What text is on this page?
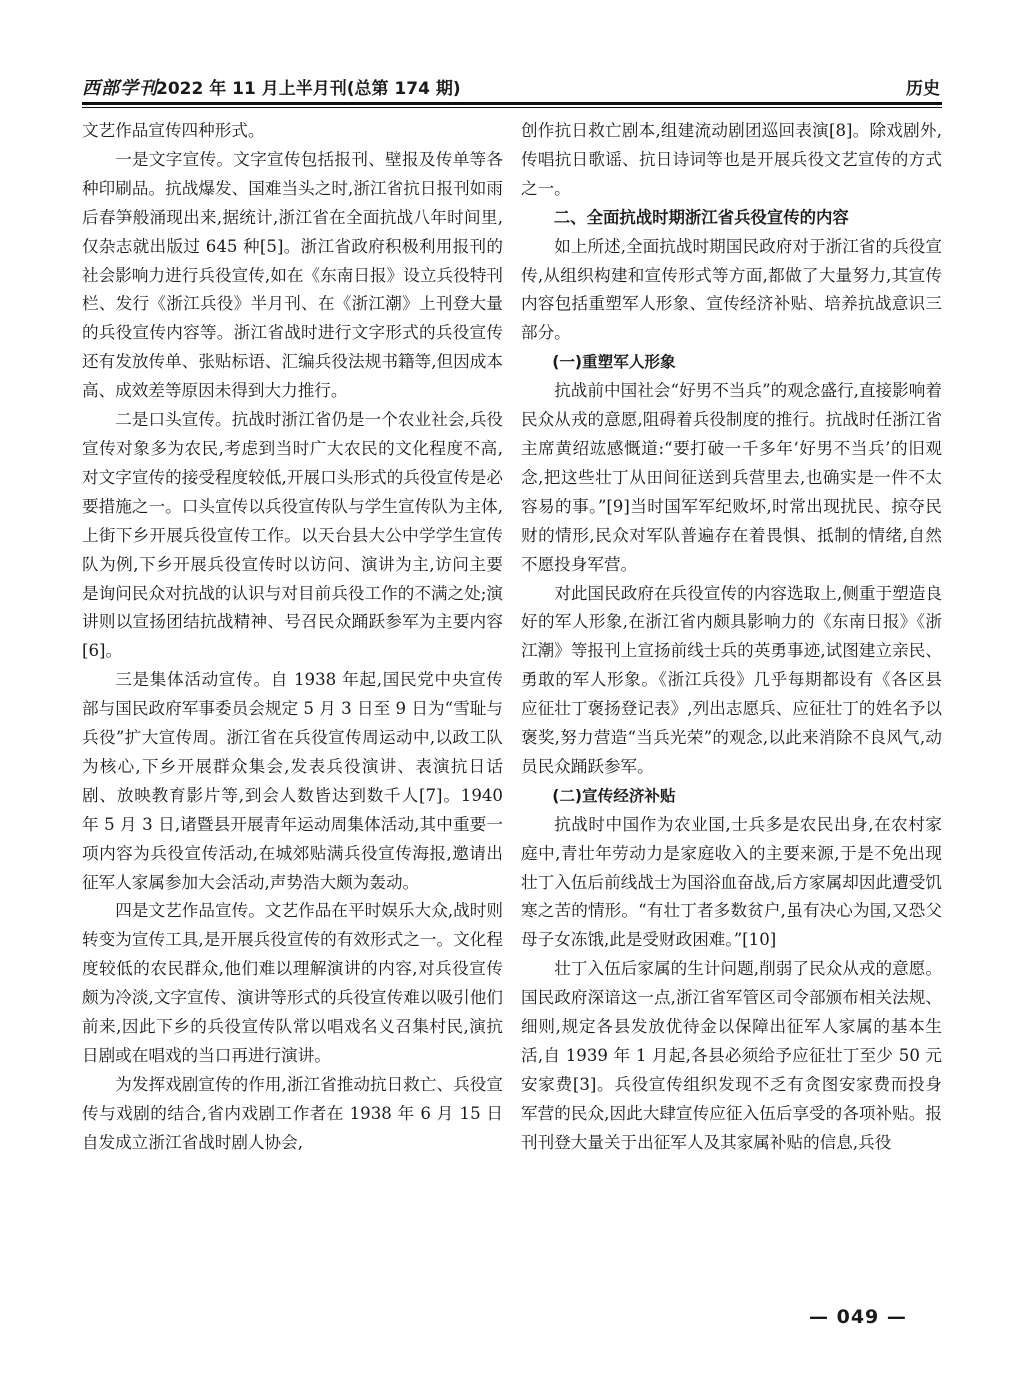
西部学刊
2022 年 11 月上半月刊(总第 174 期)	历史

文艺作品宣传四种形式。

一是文字宣传。文字宣传包括报刊、壁报及传单等各种印刷品。抗战爆发、国难当头之时,浙江省抗日报刊如雨后春笋般涌现出来,据统计,浙江省在全面抗战八年时间里,仅杂志就出版过 645 种[5]。浙江省政府积极利用报刊的社会影响力进行兵役宣传,如在《东南日报》设立兵役特刊栏、发行《浙江兵役》半月刊、在《浙江潮》上刊登大量的兵役宣传内容等。浙江省战时进行文字形式的兵役宣传还有发放传单、张贴标语、汇编兵役法规书籍等,但因成本高、成效差等原因未得到大力推行。

二是口头宣传。抗战时浙江省仍是一个农业社会,兵役宣传对象多为农民,考虑到当时广大农民的文化程度不高,对文字宣传的接受程度较低,开展口头形式的兵役宣传是必要措施之一。口头宣传以兵役宣传队与学生宣传队为主体,上街下乡开展兵役宣传工作。以天台县大公中学学生宣传队为例,下乡开展兵役宣传时以访问、演讲为主,访问主要是询问民众对抗战的认识与对目前兵役工作的不满之处;演讲则以宣扬团结抗战精神、号召民众踊跃参军为主要内容[6]。

三是集体活动宣传。自 1938 年起,国民党中央宣传部与国民政府军事委员会规定 5 月 3 日至 9 日为“雪耻与兵役”扩大宣传周。浙江省在兵役宣传周运动中,以政工队为核心,下乡开展群众集会,发表兵役演讲、表演抗日话剧、放映教育影片等,到会人数皆达到数千人[7]。1940 年 5 月 3 日,诸暨县开展青年运动周集体活动,其中重要一项内容为兵役宣传活动,在城郊贴满兵役宣传海报,邀请出征军人家属参加大会活动,声势浩大颇为轰动。

四是文艺作品宣传。文艺作品在平时娱乐大众,战时则转变为宣传工具,是开展兵役宣传的有效形式之一。文化程度较低的农民群众,他们难以理解演讲的内容,对兵役宣传颇为冷淡,文字宣传、演讲等形式的兵役宣传难以吸引他们前来,因此下乡的兵役宣传队常以唱戏名义召集村民,演抗日剧或在唱戏的当口再进行演讲。

为发挥戏剧宣传的作用,浙江省推动抗日救亡、兵役宣传与戏剧的结合,省内戏剧工作者在 1938 年 6 月 15 日自发成立浙江省战时剧人协会,

创作抗日救亡剧本,组建流动剧团巡回表演[8]。除戏剧外,传唱抗日歌谣、抗日诗词等也是开展兵役文艺宣传的方式之一。

二、全面抗战时期浙江省兵役宣传的内容

如上所述,全面抗战时期国民政府对于浙江省的兵役宣传,从组织构建和宣传形式等方面,都做了大量努力,其宣传内容包括重塑军人形象、宣传经济补贴、培养抗战意识三部分。

(一)重塑军人形象

抗战前中国社会“好男不当兵”的观念盛行,直接影响着民众从戎的意愿,阻碍着兵役制度的推行。抗战时任浙江省主席黄绍竑感慨道:“要打破一千多年‘好男不当兵’的旧观念,把这些壮丁从田间征送到兵营里去,也确实是一件不太容易的事。”[9]当时国军军纪败坏,时常出现扰民、掠夺民财的情形,民众对军队普遍存在着畏惧、抵制的情绪,自然不愿投身军营。

对此国民政府在兵役宣传的内容选取上,侧重于塑造良好的军人形象,在浙江省内颇具影响力的《东南日报》《浙江潮》等报刊上宣扬前线士兵的英勇事迹,试图建立亲民、勇敢的军人形象。《浙江兵役》几乎每期都设有《各区县应征壮丁褒扬登记表》,列出志愿兵、应征壮丁的姓名予以褒奖,努力营造“当兵光荣”的观念,以此来消除不良风气,动员民众踊跃参军。

(二)宣传经济补贴

抗战时中国作为农业国,士兵多是农民出身,在农村家庭中,青壮年劳动力是家庭收入的主要来源,于是不免出现壮丁入伍后前线战士为国浴血奋战,后方家属却因此遭受饥寒之苦的情形。“有壮丁者多数贫户,虽有决心为国,又恐父母子女冻饿,此是受财政困难。”[10]

壮丁入伍后家属的生计问题,削弱了民众从戎的意愿。国民政府深谙这一点,浙江省军管区司令部颁布相关法规、细则,规定各县发放优待金以保障出征军人家属的基本生活,自 1939 年 1 月起,各县必须给予应征壮丁至少 50 元安家费[3]。兵役宣传组织发现不乏有贪图安家费而投身军营的民众,因此大肆宣传应征入伍后享受的各项补贴。报刊刊登大量关于出征军人及其家属补贴的信息,兵役

— 049 —
